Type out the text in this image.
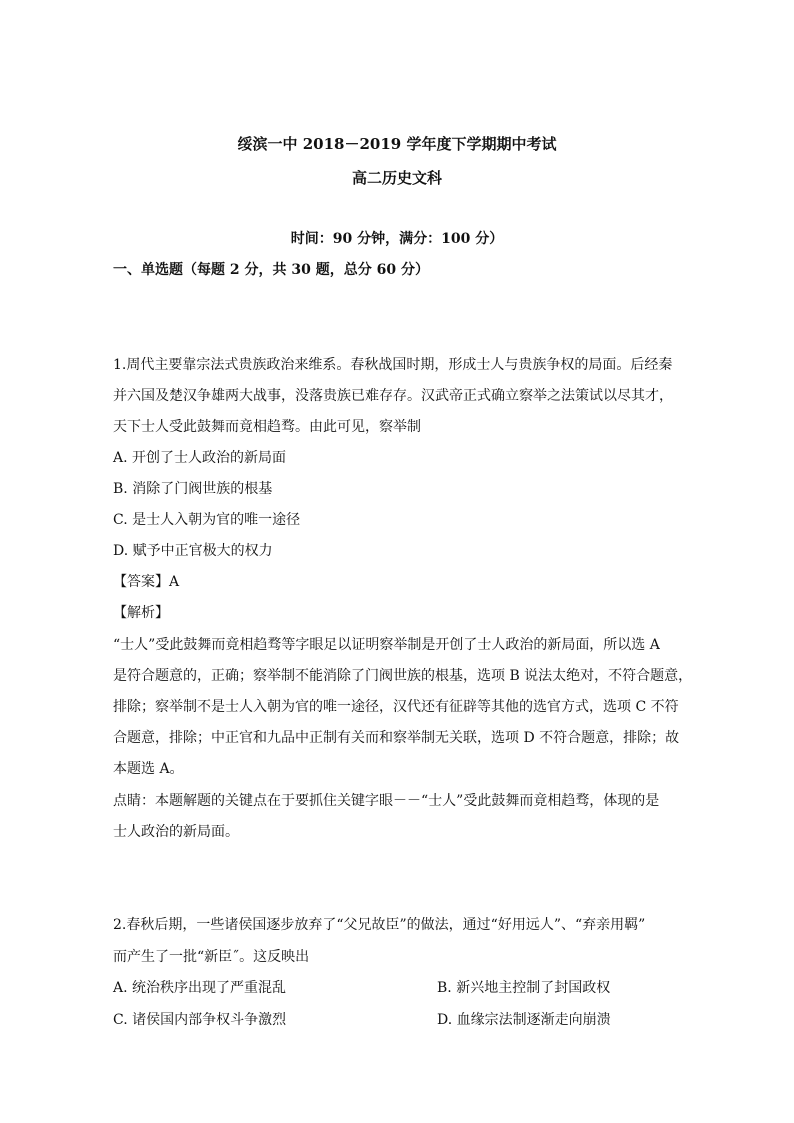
绥滨一中 2018－2019 学年度下学期期中考试
高二历史文科
时间：90 分钟，满分：100 分）
一、单选题（每题 2 分，共 30 题，总分 60 分）
1.周代主要靠宗法式贵族政治来维系。春秋战国时期，形成士人与贵族争权的局面。后经秦
并六国及楚汉争雄两大战事，没落贵族已难存存。汉武帝正式确立察举之法策试以尽其才，
天下士人受此鼓舞而竟相趋骛。由此可见，察举制
A. 开创了士人政治的新局面
B. 消除了门阀世族的根基
C. 是士人入朝为官的唯一途径
D. 赋予中正官极大的权力
【答案】A
【解析】
“士人”受此鼓舞而竟相趋骛等字眼足以证明察举制是开创了士人政治的新局面，所以选 A
是符合题意的，正确；察举制不能消除了门阀世族的根基，选项 B 说法太绝对，不符合题意，
排除；察举制不是士人入朝为官的唯一途径，汉代还有征辟等其他的选官方式，选项 C 不符
合题意，排除；中正官和九品中正制有关而和察举制无关联，选项 D 不符合题意，排除；故
本题选 A。
点睛：本题解题的关键点在于要抓住关键字眼－－“士人”受此鼓舞而竟相趋骛，体现的是
士人政治的新局面。
2.春秋后期，一些诸侯国逐步放弃了“父兄故臣”的做法，通过“好用远人”、“弃亲用羁”
而产生了一批“新臣˝。这反映出
A. 统治秩序出现了严重混乱	B. 新兴地主控制了封国政权
C. 诸侯国内部争权斗争激烈	D. 血缘宗法制逐渐走向崩溃
